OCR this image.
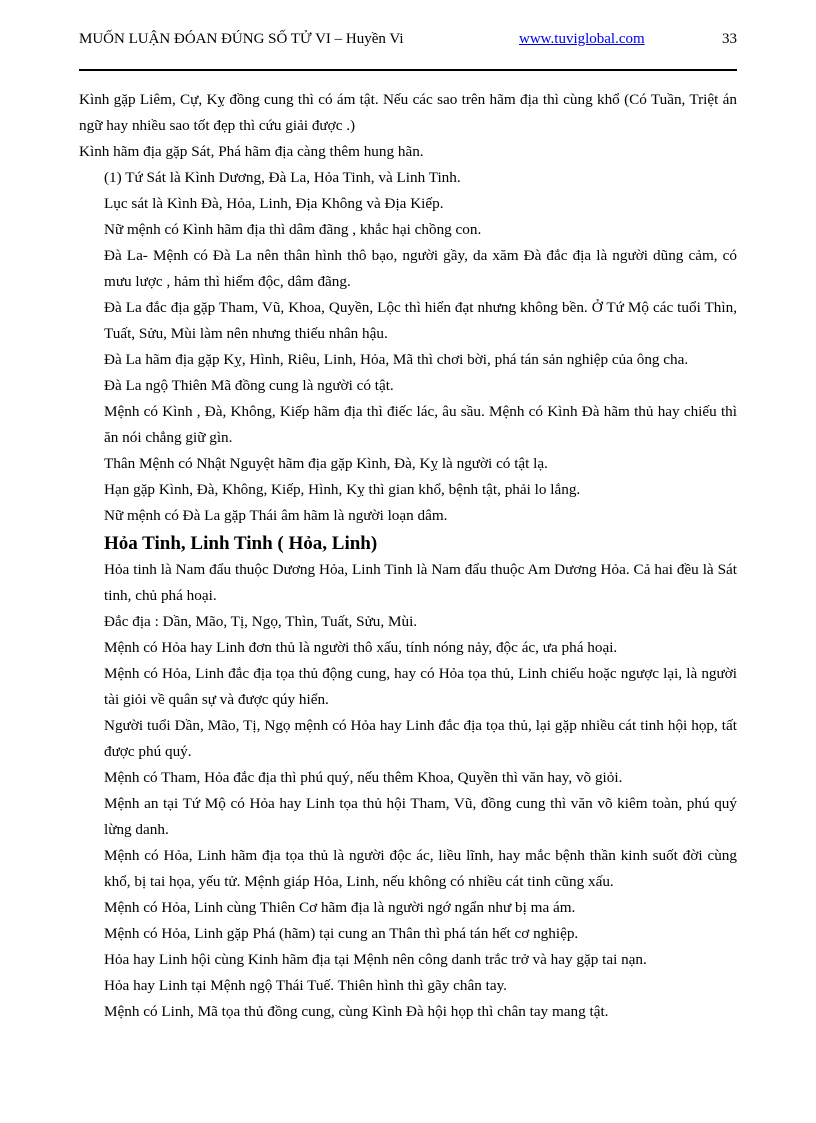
MUỐN LUẬN ĐÓAN ĐÚNG SỐ TỬ VI – Huyền Vi	www.tuviglobal.com	33

Kình gặp Liêm, Cự, Kỵ đồng cung thì có ám tật. Nếu các sao trên hãm địa thì cùng khổ (Có Tuần, Triệt án ngữ hay nhiều sao tốt đẹp thì cứu giải được .)

Kình hãm địa gặp Sát, Phá hãm địa càng thêm hung hãn.

(1) Tứ Sát là Kình Dương, Đà La, Hỏa Tinh, và Linh Tinh.

Lục sát là Kình Đà, Hỏa, Linh, Địa Không và Địa Kiếp.

Nữ mệnh có Kình hãm địa thì dâm đãng , khắc hại chồng con.

Đà La- Mệnh có Đà La nên thân hình thô bạo, người gầy, da xăm Đà đắc địa là người dũng cảm, có mưu lược , hảm thì hiểm độc, dâm đãng.

Đà La đắc địa gặp Tham, Vũ, Khoa, Quyền, Lộc thì hiển đạt nhưng không bền. Ở Tứ Mộ các tuổi Thìn, Tuất, Sửu, Mùi làm nên nhưng thiếu nhân hậu.

Đà La hãm địa gặp Kỵ, Hình, Riêu, Linh, Hỏa, Mã thì chơi bời, phá tán sản nghiệp của ông cha.

Đà La ngộ Thiên Mã đồng cung là người có tật.

Mệnh có Kình , Đà, Không, Kiếp hãm địa thì điếc lác, âu sầu. Mệnh có Kình Đà hãm thủ hay chiếu thì ăn nói chẳng giữ gìn.

Thân Mệnh có Nhật Nguyệt hãm địa gặp Kình, Đà, Kỵ là người có tật lạ.

Hạn gặp Kình, Đà, Không, Kiếp, Hình, Kỵ thì gian khổ, bệnh tật, phải lo lắng.

Nữ mệnh có Đà La gặp Thái âm hãm là người loạn dâm.

Hỏa Tinh, Linh Tinh ( Hỏa, Linh)

Hỏa tinh là Nam đẩu thuộc Dương Hỏa, Linh Tinh là Nam đẩu thuộc Am Dương Hỏa. Cả hai đều là Sát tinh, chủ phá hoại.

Đắc địa : Dần, Mão, Tị, Ngọ, Thìn, Tuất, Sửu, Mùi.

Mệnh có Hỏa hay Linh đơn thủ là người thô xấu, tính nóng nảy, độc ác, ưa phá hoại.

Mệnh có Hỏa, Linh đắc địa tọa thủ động cung, hay có Hỏa tọa thủ, Linh chiếu hoặc ngược lại, là người tài giỏi về quân sự và được qúy hiển.

Người tuổi Dần, Mão, Tị, Ngọ mệnh có Hỏa hay Linh đắc địa tọa thủ, lại gặp nhiều cát tinh hội họp, tất được phú quý.

Mệnh có Tham, Hỏa đắc địa thì phú quý, nếu thêm Khoa, Quyền thì văn hay, võ giỏi.

Mệnh an tại Tứ Mộ có Hỏa hay Linh tọa thủ hội Tham, Vũ, đồng cung thì văn võ kiêm toàn, phú quý lừng danh.

Mệnh có Hỏa, Linh hãm địa tọa thủ là người độc ác, liều lĩnh, hay mắc bệnh thần kinh suốt đời cùng khổ, bị tai họa, yếu tử. Mệnh giáp Hỏa, Linh, nếu không có nhiều cát tinh cũng xấu.

Mệnh có Hỏa, Linh cùng Thiên Cơ hãm địa là người ngớ ngẩn như bị ma ám.

Mệnh có Hỏa, Linh gặp Phá (hãm) tại cung an Thân thì phá tán hết cơ nghiệp.

Hỏa hay Linh hội cùng Kinh hãm địa tại Mệnh nên công danh trắc trở và hay gặp tai nạn.

Hỏa hay Linh tại Mệnh ngộ Thái Tuế. Thiên hình thì gãy chân tay.

Mệnh có Linh, Mã tọa thủ đồng cung, cùng Kình Đà hội họp thì chân tay mang tật.
